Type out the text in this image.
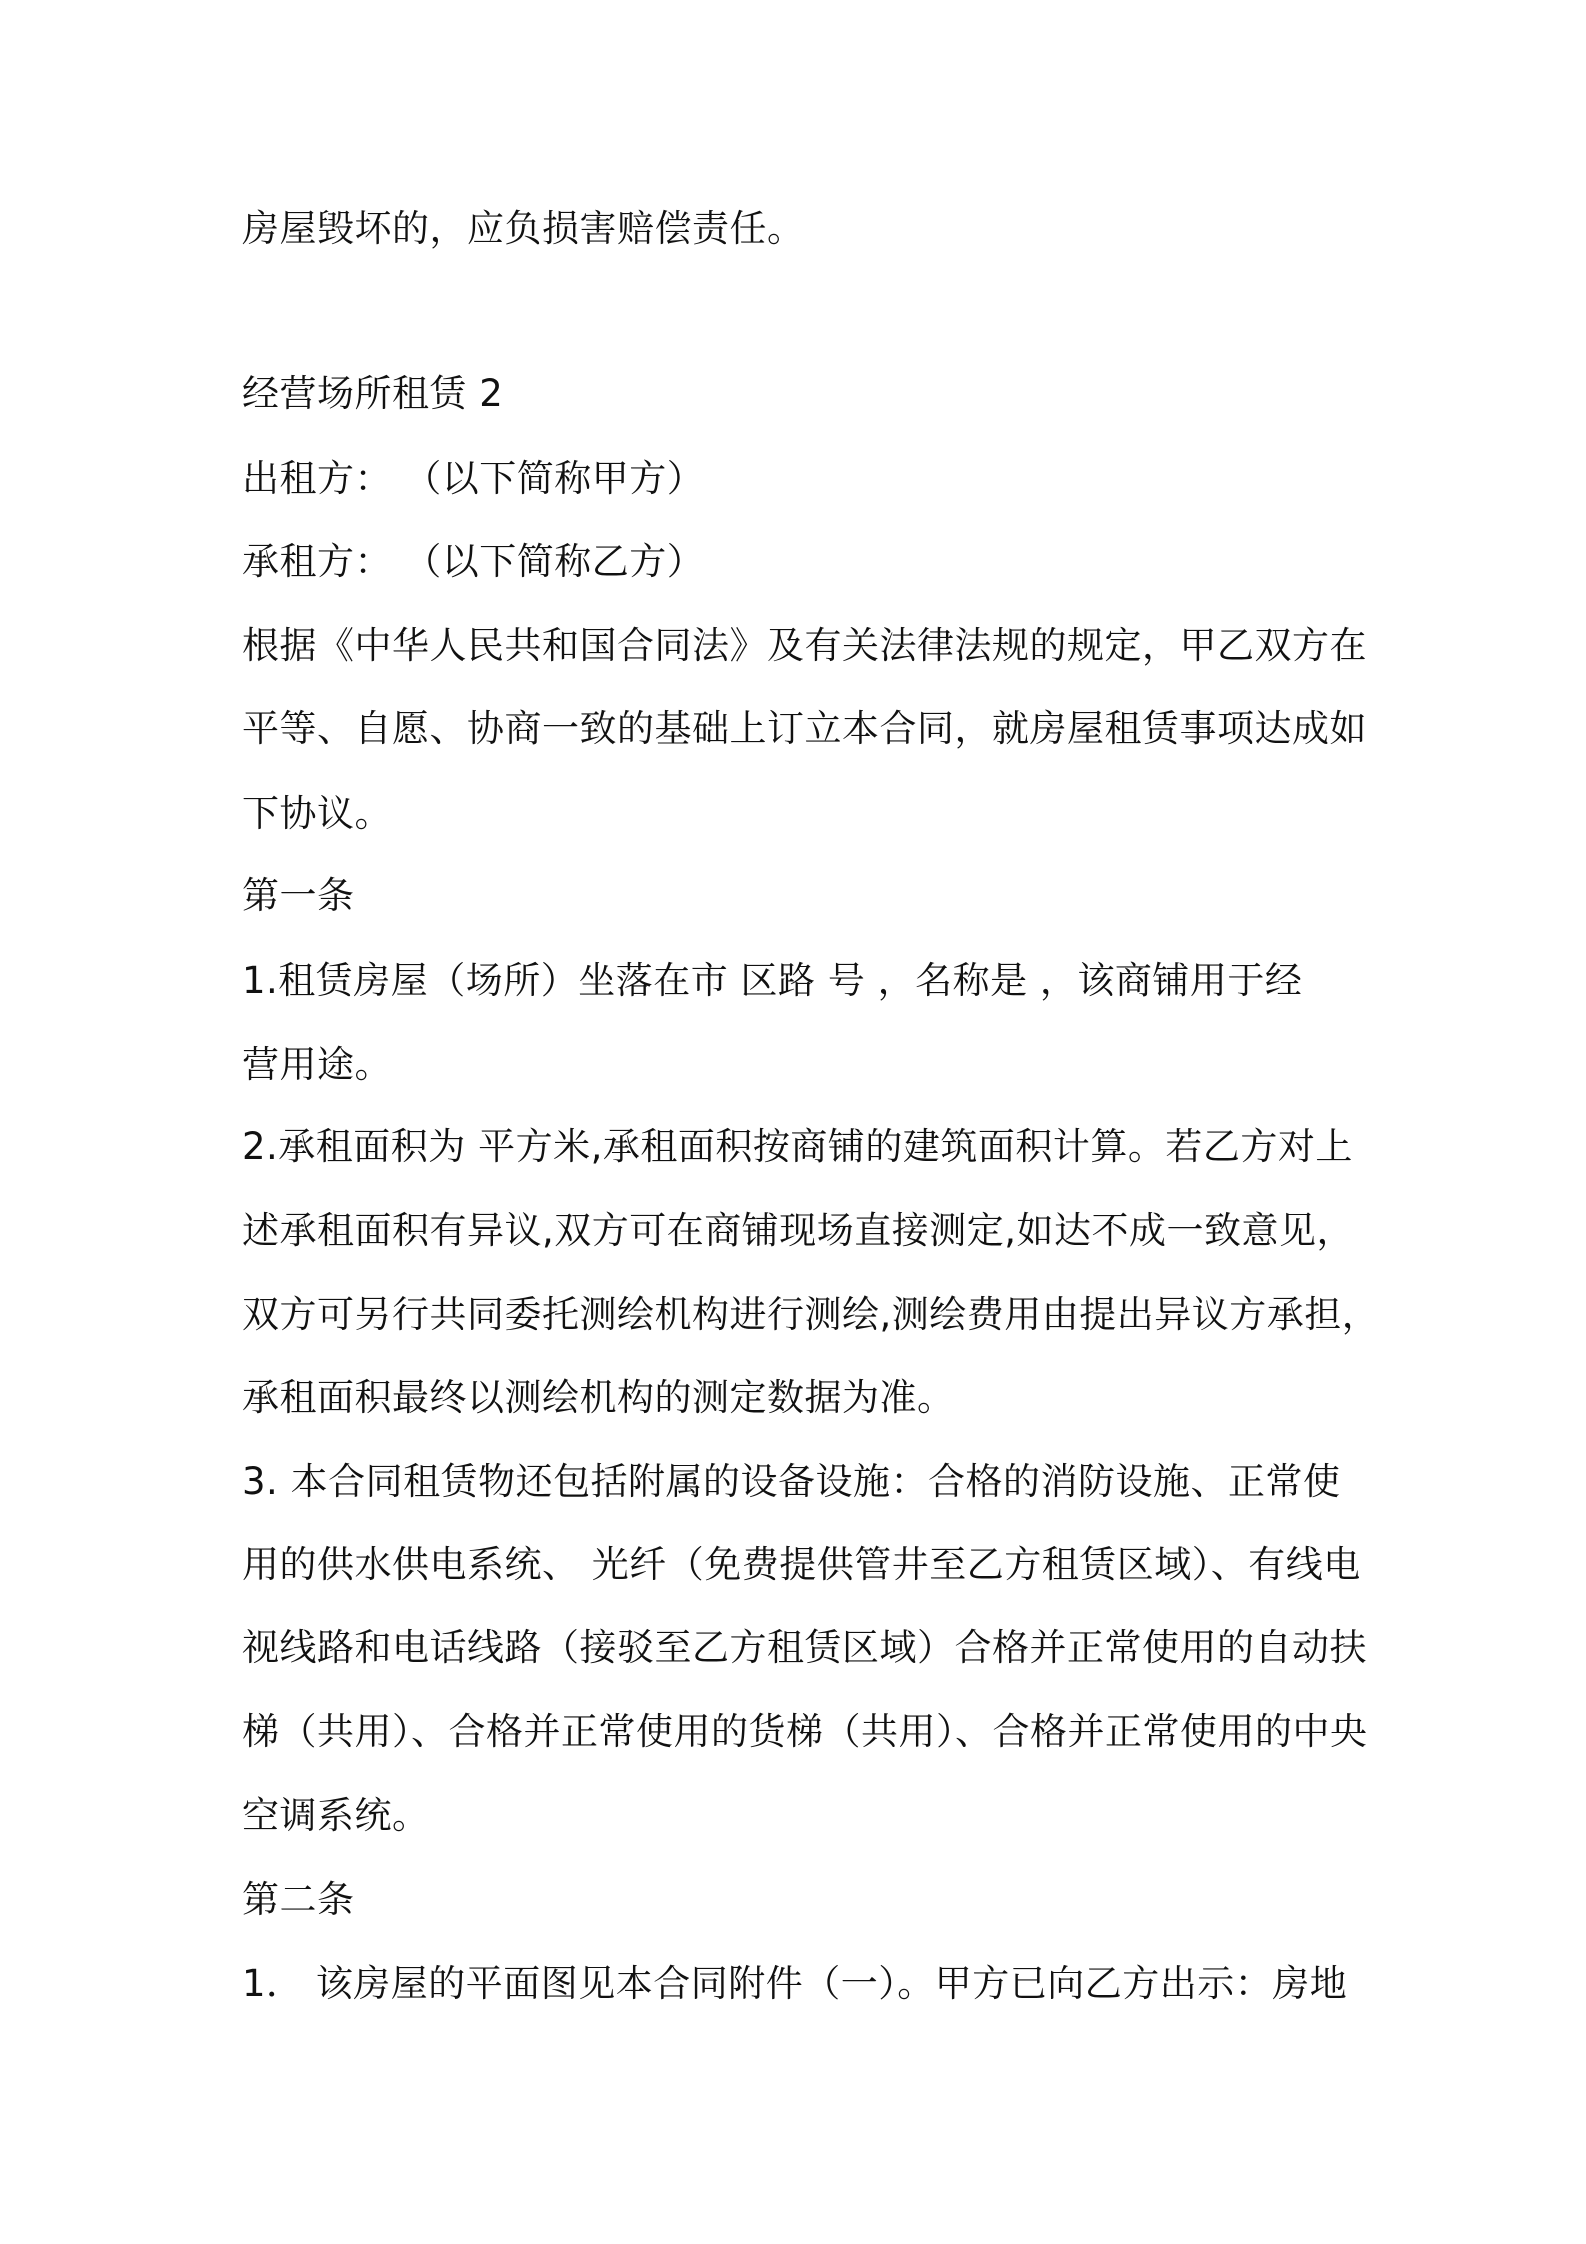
房屋毁坏的，应负损害赔偿责任。
经营场所租赁 2
出租方： （以下简称甲方）
承租方： （以下简称乙方）
根据《中华人民共和国合同法》及有关法律法规的规定，甲乙双方在
平等、自愿、协商一致的基础上订立本合同，就房屋租赁事项达成如
下协议。
第一条
1.租赁房屋（场所）坐落在市 区路 号 ，名称是 ，该商铺用于经
营用途。
2.承租面积为 平方米,承租面积按商铺的建筑面积计算。若乙方对上
述承租面积有异议,双方可在商铺现场直接测定,如达不成一致意见，
双方可另行共同委托测绘机构进行测绘,测绘费用由提出异议方承担，
承租面积最终以测绘机构的测定数据为准。
3. 本合同租赁物还包括附属的设备设施：合格的消防设施、正常使
用的供水供电系统、 光纤（免费提供管井至乙方租赁区域）、有线电
视线路和电话线路（接驳至乙方租赁区域）合格并正常使用的自动扶
梯（共用）、合格并正常使用的货梯（共用）、合格并正常使用的中央
空调系统。
第二条
1． 该房屋的平面图见本合同附件（一）。甲方已向乙方出示：房地
